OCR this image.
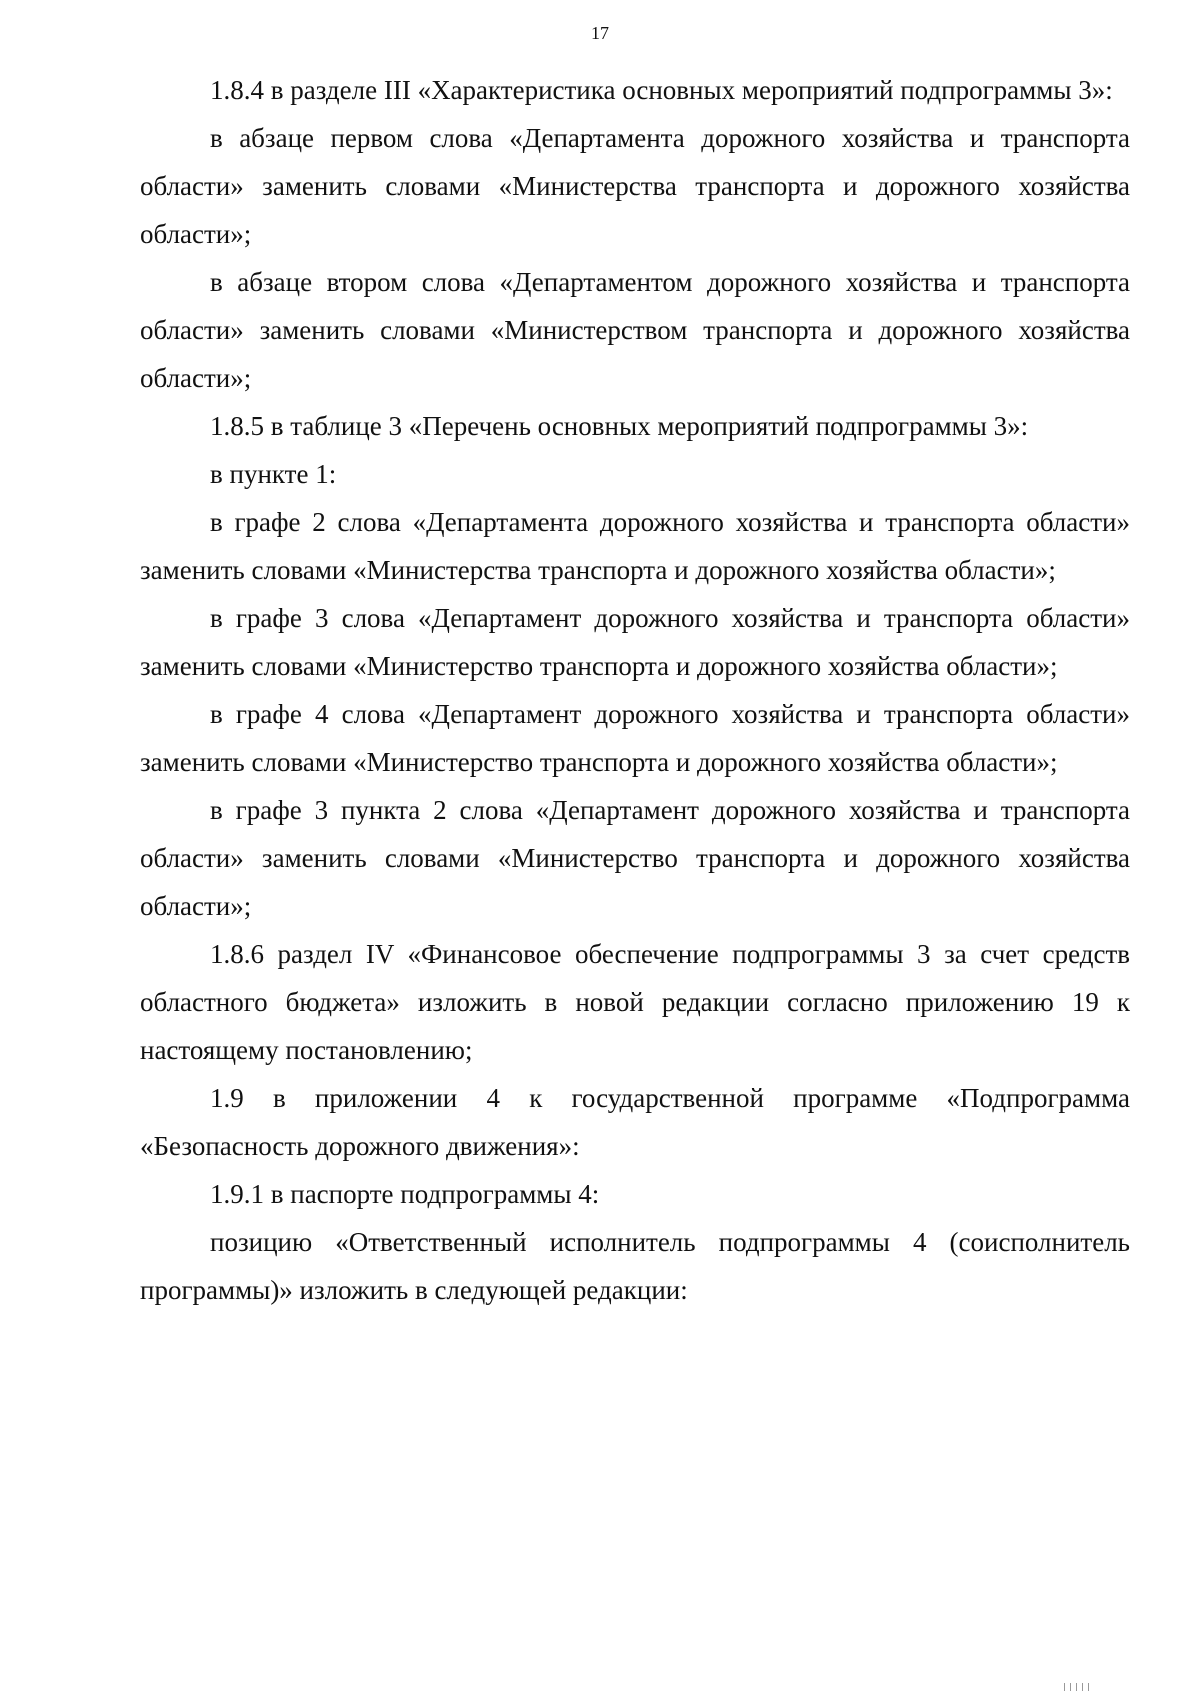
17

1.8.4 в разделе III «Характеристика основных мероприятий подпрограммы 3»:

в абзаце первом слова «Департамента дорожного хозяйства и транспорта области» заменить словами «Министерства транспорта и дорожного хозяйства области»;

в абзаце втором слова «Департаментом дорожного хозяйства и транспорта области» заменить словами «Министерством транспорта и дорожного хозяйства области»;

1.8.5 в таблице 3 «Перечень основных мероприятий подпрограммы 3»:

в пункте 1:

в графе 2 слова «Департамента дорожного хозяйства и транспорта области» заменить словами «Министерства транспорта и дорожного хозяйства области»;

в графе 3 слова «Департамент дорожного хозяйства и транспорта области» заменить словами «Министерство транспорта и дорожного хозяйства области»;

в графе 4 слова «Департамент дорожного хозяйства и транспорта области» заменить словами «Министерство транспорта и дорожного хозяйства области»;

в графе 3 пункта 2 слова «Департамент дорожного хозяйства и транспорта области» заменить словами «Министерство транспорта и дорожного хозяйства области»;

1.8.6 раздел IV «Финансовое обеспечение подпрограммы 3 за счет средств областного бюджета» изложить в новой редакции согласно приложению 19 к настоящему постановлению;

1.9 в приложении 4 к государственной программе «Подпрограмма «Безопасность дорожного движения»:

1.9.1 в паспорте подпрограммы 4:

позицию «Ответственный исполнитель подпрограммы 4 (соисполнитель программы)» изложить в следующей редакции:
